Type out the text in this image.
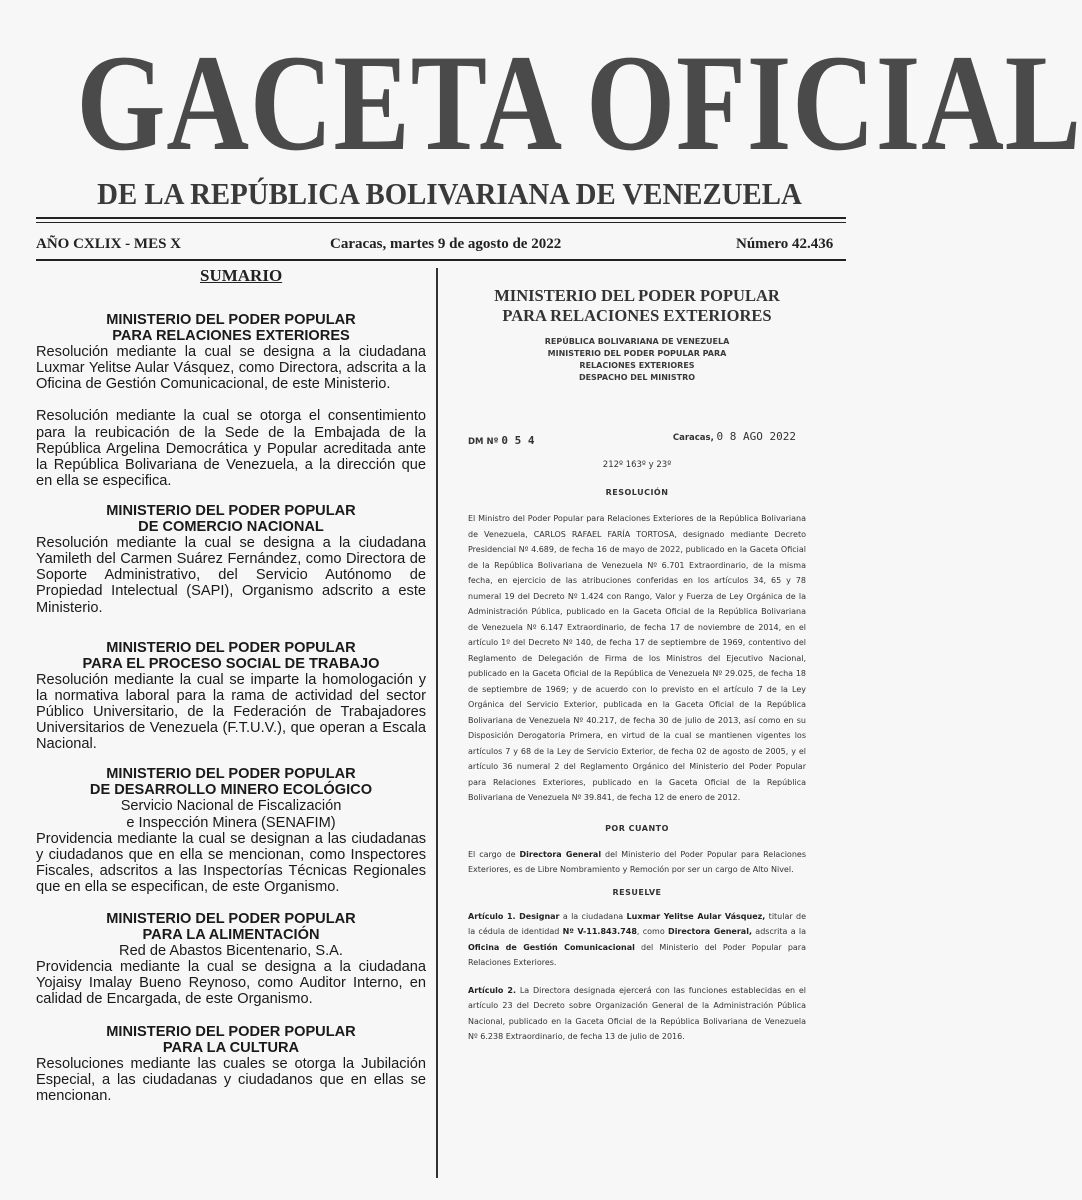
GACETA OFICIAL
DE LA REPÚBLICA BOLIVARIANA DE VENEZUELA
AÑO CXLIX - MES X	Caracas, martes 9 de agosto de 2022	Número 42.436
SUMARIO
MINISTERIO DEL PODER POPULAR
PARA RELACIONES EXTERIORES

Resolución mediante la cual se designa a la ciudadana Luxmar Yelitse Aular Vásquez, como Directora, adscrita a la Oficina de Gestión Comunicacional, de este Ministerio.

Resolución mediante la cual se otorga el consentimiento para la reubicación de la Sede de la Embajada de la República Argelina Democrática y Popular acreditada ante la República Bolivariana de Venezuela, a la dirección que en ella se especifica.

MINISTERIO DEL PODER POPULAR
DE COMERCIO NACIONAL

Resolución mediante la cual se designa a la ciudadana Yamileth del Carmen Suárez Fernández, como Directora de Soporte Administrativo, del Servicio Autónomo de Propiedad Intelectual (SAPI), Organismo adscrito a este Ministerio.

MINISTERIO DEL PODER POPULAR
PARA EL PROCESO SOCIAL DE TRABAJO

Resolución mediante la cual se imparte la homologación y la normativa laboral para la rama de actividad del sector Público Universitario, de la Federación de Trabajadores Universitarios de Venezuela (F.T.U.V.), que operan a Escala Nacional.

MINISTERIO DEL PODER POPULAR
DE DESARROLLO MINERO ECOLÓGICO
Servicio Nacional de Fiscalización
e Inspección Minera (SENAFIM)

Providencia mediante la cual se designan a las ciudadanas y ciudadanos que en ella se mencionan, como Inspectores Fiscales, adscritos a las Inspectorías Técnicas Regionales que en ella se especifican, de este Organismo.

MINISTERIO DEL PODER POPULAR
PARA LA ALIMENTACIÓN
Red de Abastos Bicentenario, S.A.

Providencia mediante la cual se designa a la ciudadana Yojaisy Imalay Bueno Reynoso, como Auditor Interno, en calidad de Encargada, de este Organismo.

MINISTERIO DEL PODER POPULAR
PARA LA CULTURA

Resoluciones mediante las cuales se otorga la Jubilación Especial, a las ciudadanas y ciudadanos que en ellas se mencionan.

MINISTERIO DEL PODER POPULAR
PARA RELACIONES EXTERIORES
REPÚBLICA BOLIVARIANA DE VENEZUELA
MINISTERIO DEL PODER POPULAR PARA
RELACIONES EXTERIORES
DESPACHO DEL MINISTRO
DM Nº 0 5 4	Caracas, 0 8 AGO 2022
212º 163º y 23º
RESOLUCIÓN

El Ministro del Poder Popular para Relaciones Exteriores de la República Bolivariana de Venezuela, CARLOS RAFAEL FARÍA TORTOSA, designado mediante Decreto Presidencial Nº 4.689, de fecha 16 de mayo de 2022, publicado en la Gaceta Oficial de la República Bolivariana de Venezuela Nº 6.701 Extraordinario, de la misma fecha, en ejercicio de las atribuciones conferidas en los artículos 34, 65 y 78 numeral 19 del Decreto Nº 1.424 con Rango, Valor y Fuerza de Ley Orgánica de la Administración Pública, publicado en la Gaceta Oficial de la República Bolivariana de Venezuela Nº 6.147 Extraordinario, de fecha 17 de noviembre de 2014, en el artículo 1º del Decreto Nº 140, de fecha 17 de septiembre de 1969, contentivo del Reglamento de Delegación de Firma de los Ministros del Ejecutivo Nacional, publicado en la Gaceta Oficial de la República de Venezuela Nº 29.025, de fecha 18 de septiembre de 1969; y de acuerdo con lo previsto en el artículo 7 de la Ley Orgánica del Servicio Exterior, publicada en la Gaceta Oficial de la República Bolivariana de Venezuela Nº 40.217, de fecha 30 de julio de 2013, así como en su Disposición Derogatoria Primera, en virtud de la cual se mantienen vigentes los artículos 7 y 68 de la Ley de Servicio Exterior, de fecha 02 de agosto de 2005, y el artículo 36 numeral 2 del Reglamento Orgánico del Ministerio del Poder Popular para Relaciones Exteriores, publicado en la Gaceta Oficial de la República Bolivariana de Venezuela Nº 39.841, de fecha 12 de enero de 2012.

POR CUANTO

El cargo de Directora General del Ministerio del Poder Popular para Relaciones Exteriores, es de Libre Nombramiento y Remoción por ser un cargo de Alto Nivel.

RESUELVE

Artículo 1. Designar a la ciudadana Luxmar Yelitse Aular Vásquez, titular de la cédula de identidad Nº V-11.843.748, como Directora General, adscrita a la Oficina de Gestión Comunicacional del Ministerio del Poder Popular para Relaciones Exteriores.

Artículo 2. La Directora designada ejercerá con las funciones establecidas en el artículo 23 del Decreto sobre Organización General de la Administración Pública Nacional, publicado en la Gaceta Oficial de la República Bolivariana de Venezuela Nº 6.238 Extraordinario, de fecha 13 de julio de 2016.
